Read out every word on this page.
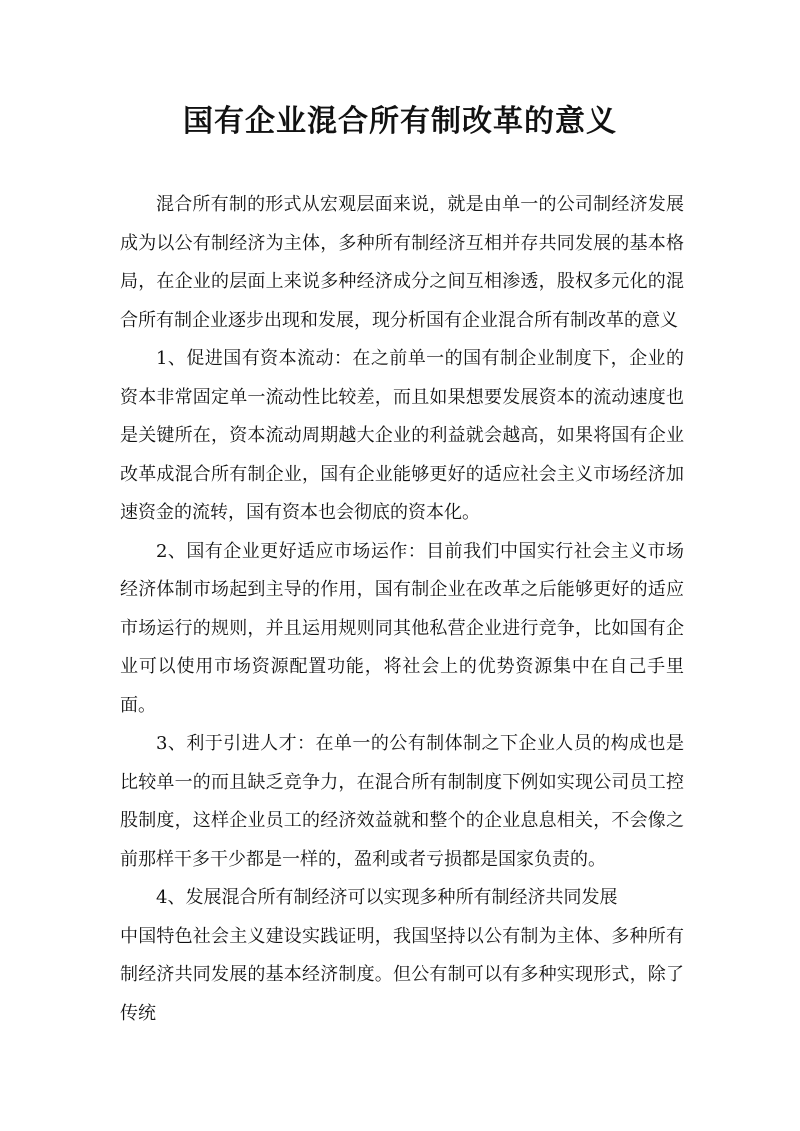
国有企业混合所有制改革的意义

混合所有制的形式从宏观层面来说，就是由单一的公司制经济发展成为以公有制经济为主体，多种所有制经济互相并存共同发展的基本格局，在企业的层面上来说多种经济成分之间互相渗透，股权多元化的混合所有制企业逐步出现和发展，现分析国有企业混合所有制改革的意义

1、促进国有资本流动：在之前单一的国有制企业制度下，企业的资本非常固定单一流动性比较差，而且如果想要发展资本的流动速度也是关键所在，资本流动周期越大企业的利益就会越高，如果将国有企业改革成混合所有制企业，国有企业能够更好的适应社会主义市场经济加速资金的流转，国有资本也会彻底的资本化。

2、国有企业更好适应市场运作：目前我们中国实行社会主义市场经济体制市场起到主导的作用，国有制企业在改革之后能够更好的适应市场运行的规则，并且运用规则同其他私营企业进行竞争，比如国有企业可以使用市场资源配置功能，将社会上的优势资源集中在自己手里面。

3、利于引进人才：在单一的公有制体制之下企业人员的构成也是比较单一的而且缺乏竞争力，在混合所有制制度下例如实现公司员工控股制度，这样企业员工的经济效益就和整个的企业息息相关，不会像之前那样干多干少都是一样的，盈利或者亏损都是国家负责的。

4、发展混合所有制经济可以实现多种所有制经济共同发展

中国特色社会主义建设实践证明，我国坚持以公有制为主体、多种所有制经济共同发展的基本经济制度。但公有制可以有多种实现形式，除了传统
